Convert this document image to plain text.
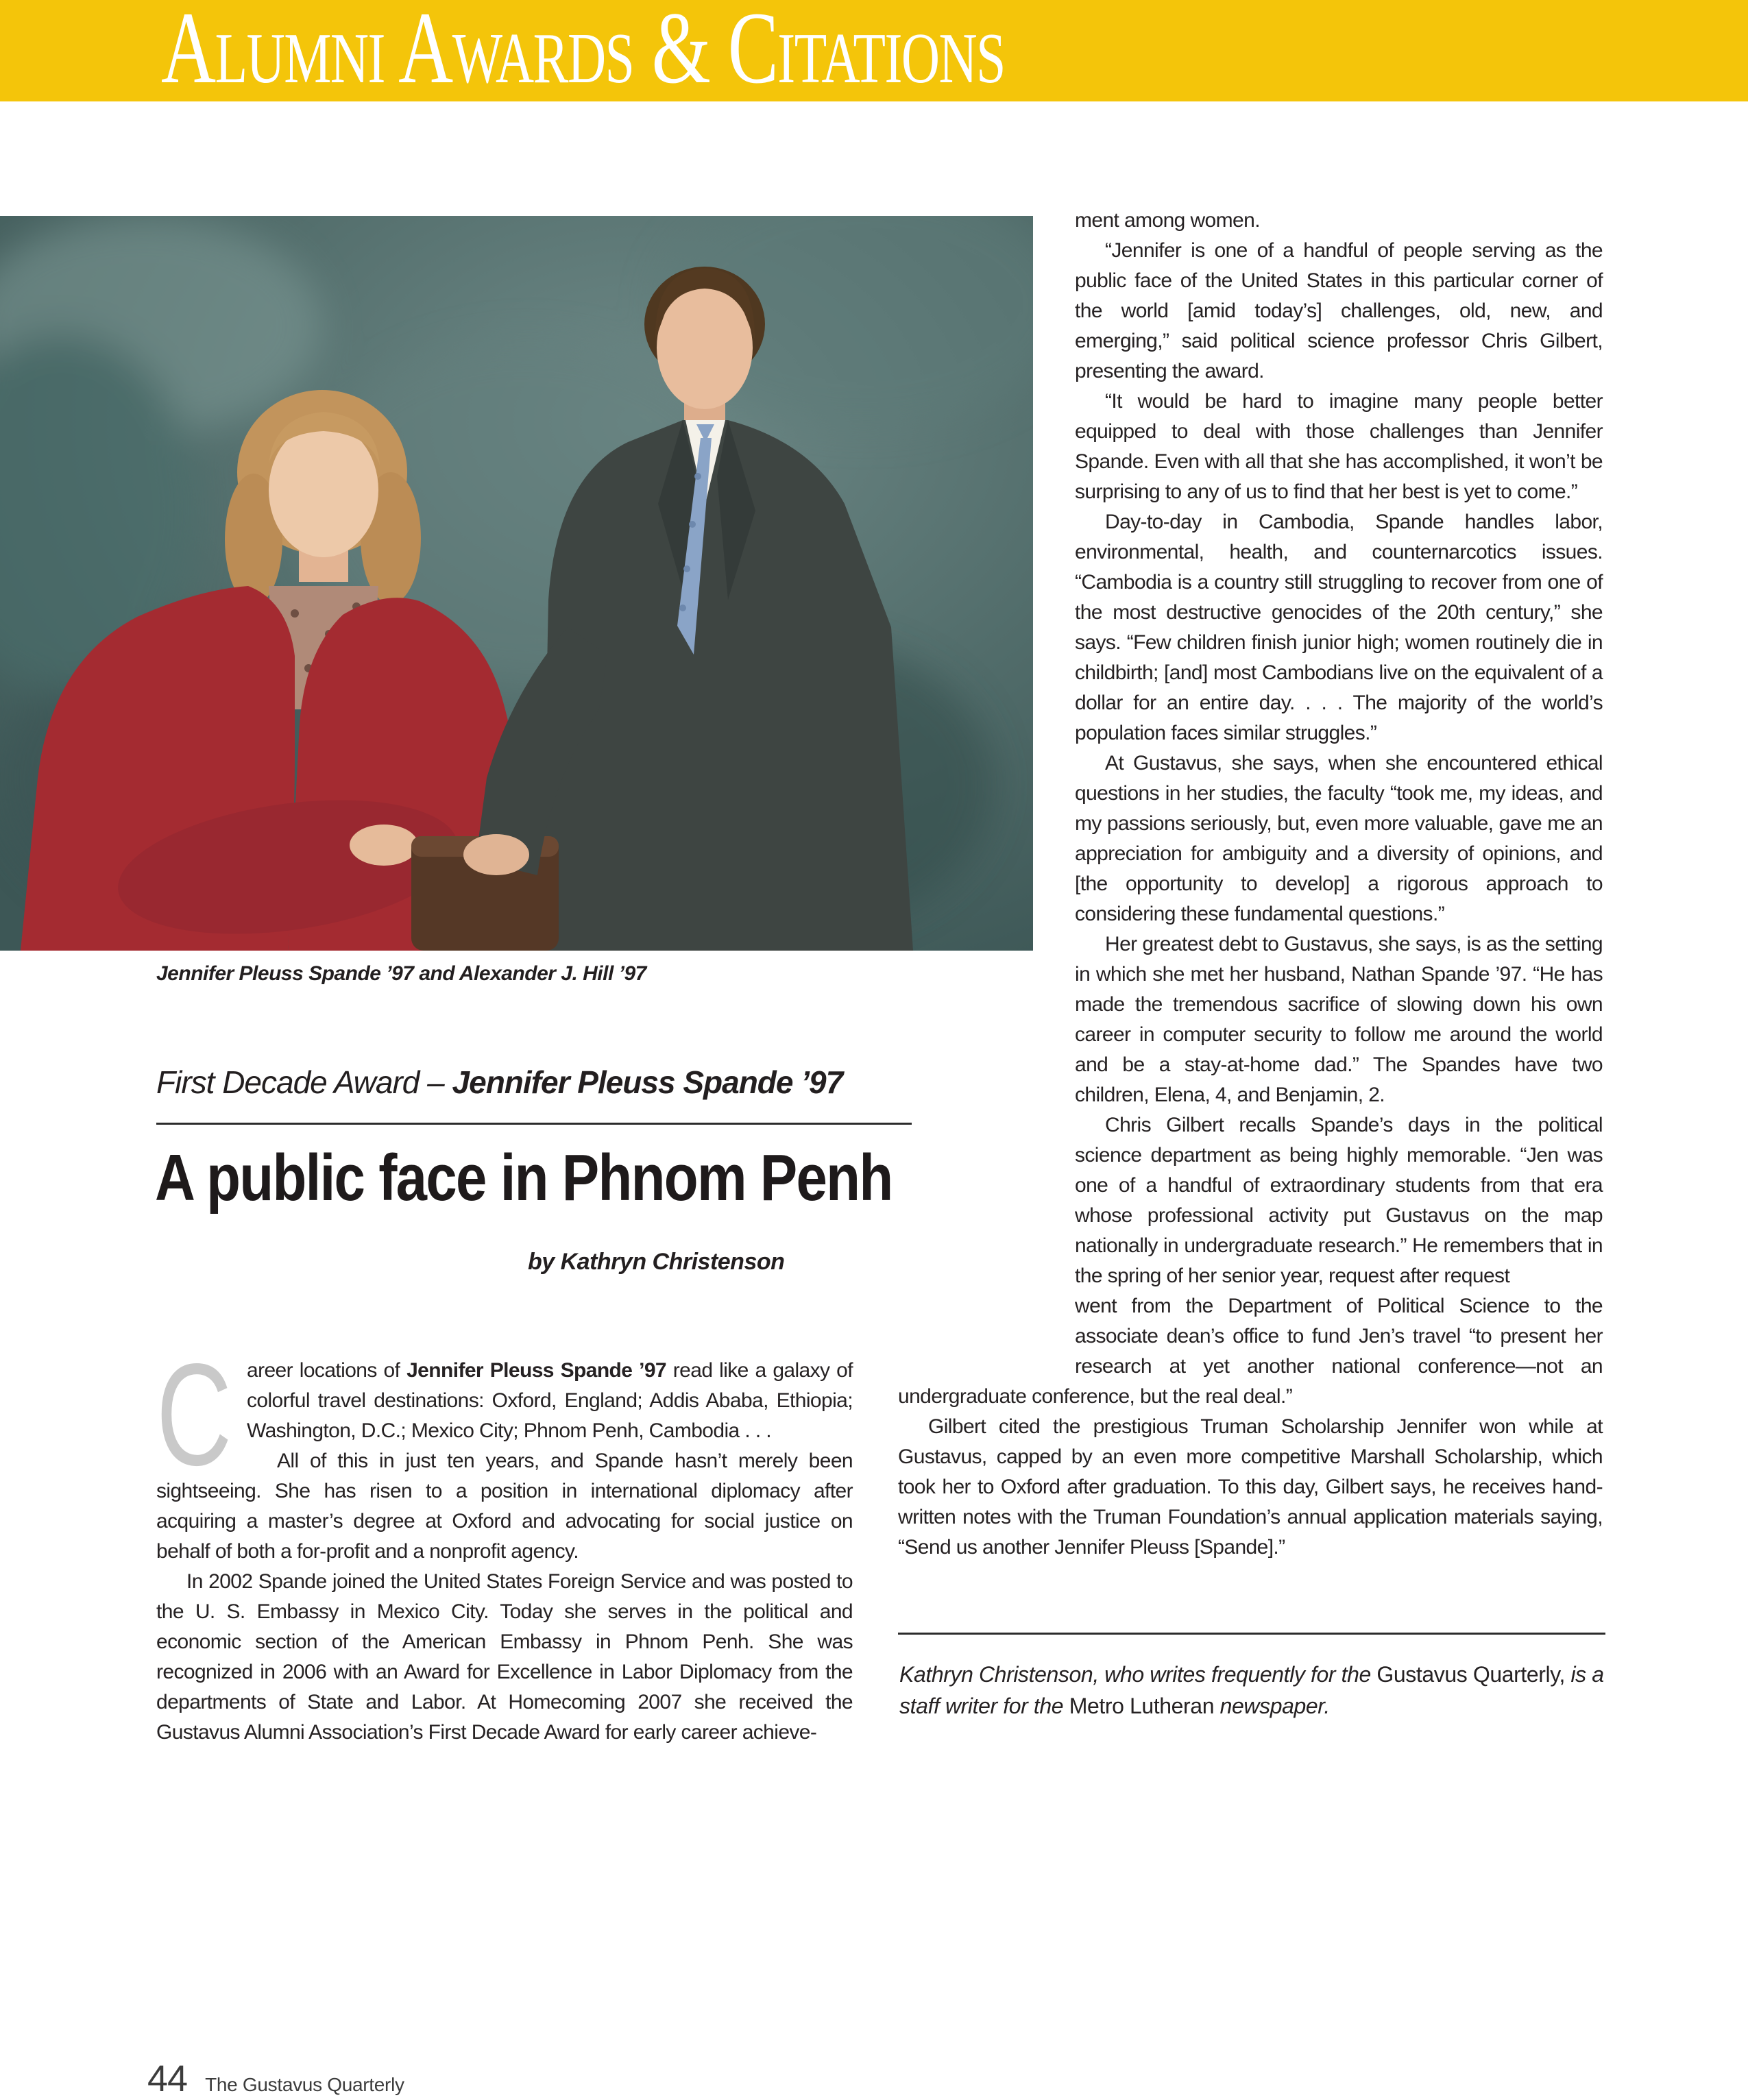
Alumni Awards & Citations
Jennifer Pleuss Spande ’97 and Alexander J. Hill ’97
First Decade Award – Jennifer Pleuss Spande ’97
A public face in Phnom Penh
by Kathryn Christenson

Career locations of Jennifer Pleuss Spande ’97 read like a galaxy of colorful travel destinations: Oxford, England; Addis Ababa, Ethiopia; Washington, D.C.; Mexico City; Phnom Penh, Cambodia . . .

All of this in just ten years, and Spande hasn’t merely been sightseeing. She has risen to a position in international diplomacy after acquiring a master’s degree at Oxford and advocating for social justice on behalf of both a for-profit and a nonprofit agency.

In 2002 Spande joined the United States Foreign Service and was posted to the U. S. Embassy in Mexico City. Today she serves in the political and economic section of the American Embassy in Phnom Penh. She was recognized in 2006 with an Award for Excellence in Labor Diplomacy from the departments of State and Labor. At Homecoming 2007 she received the Gustavus Alumni Association’s First Decade Award for early career achieve-

ment among women.

“Jennifer is one of a handful of people serving as the public face of the United States in this particular corner of the world [amid today’s] challenges, old, new, and emerging,” said political science professor Chris Gilbert, presenting the award.

“It would be hard to imagine many people better equipped to deal with those challenges than Jennifer Spande. Even with all that she has accomplished, it won’t be surprising to any of us to find that her best is yet to come.”

Day-to-day in Cambodia, Spande handles labor, environmental, health, and counternarcotics issues. “Cambodia is a country still struggling to recover from one of the most destructive genocides of the 20th century,” she says. “Few children finish junior high; women routinely die in childbirth; [and] most Cambodians live on the equivalent of a dollar for an entire day. . . . The majority of the world’s population faces similar struggles.”

At Gustavus, she says, when she encountered ethical questions in her studies, the faculty “took me, my ideas, and my passions seriously, but, even more valuable, gave me an appreciation for ambiguity and a diversity of opinions, and [the opportunity to develop] a rigorous approach to considering these fundamental questions.”

Her greatest debt to Gustavus, she says, is as the setting in which she met her husband, Nathan Spande ’97. “He has made the tremendous sacrifice of slowing down his own career in computer security to follow me around the world and be a stay-at-home dad.” The Spandes have two children, Elena, 4, and Benjamin, 2.

Chris Gilbert recalls Spande’s days in the political science department as being highly memorable. “Jen was one of a handful of extraordinary students from that era whose professional activity put Gustavus on the map nationally in undergraduate research.” He remembers that in the spring of her senior year, request after request

went from the Department of Political Science to the associate dean’s office to fund Jen’s travel “to present her research at yet another national conference—not an undergraduate conference, but the real deal.”

Gilbert cited the prestigious Truman Scholarship Jennifer won while at Gustavus, capped by an even more competitive Marshall Scholarship, which took her to Oxford after graduation. To this day, Gilbert says, he receives hand-written notes with the Truman Foundation’s annual application materials saying, “Send us another Jennifer Pleuss [Spande].”

Kathryn Christenson, who writes frequently for the Gustavus Quarterly, is a staff writer for the Metro Lutheran newspaper.
44 The Gustavus Quarterly
